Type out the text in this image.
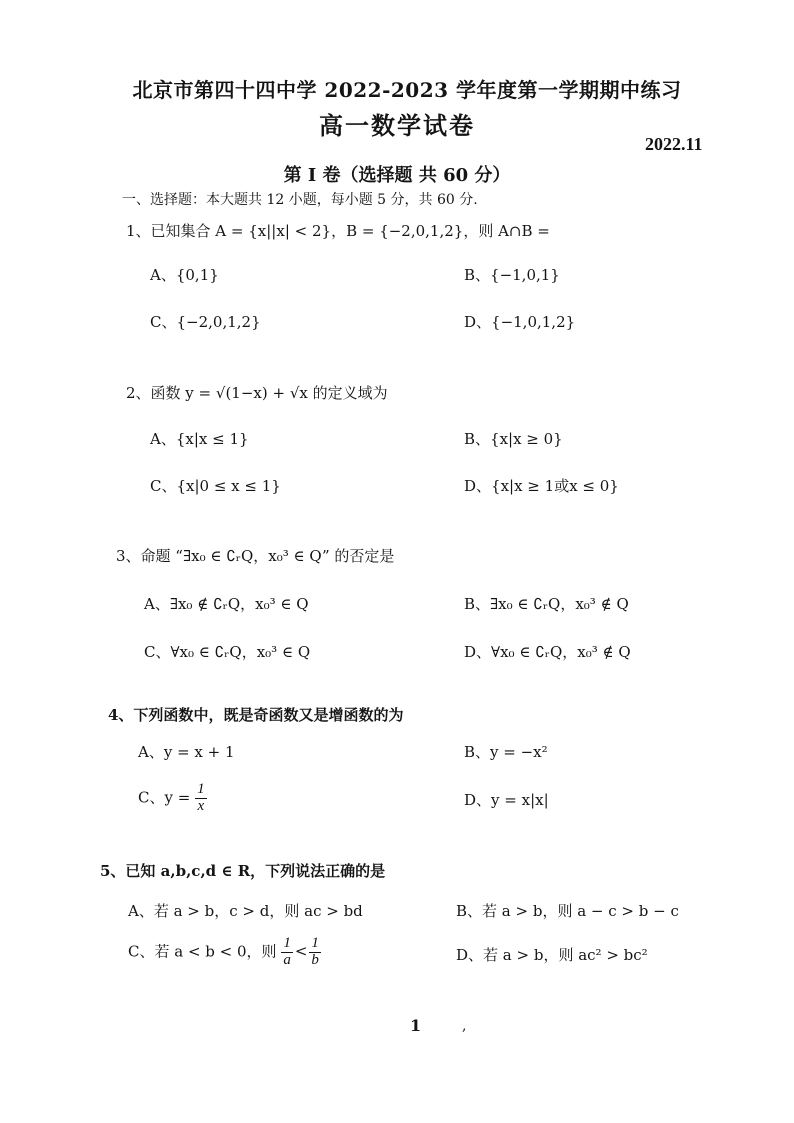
北京市第四十四中学 2022-2023 学年度第一学期期中练习
高一数学试卷
2022.11
第 I 卷（选择题 共 60 分）
一、选择题：本大题共 12 小题，每小题 5 分，共 60 分.
1、已知集合 A = {x||x| < 2}，B = {−2,0,1,2}，则 A∩B =
A、{0,1}	B、{−1,0,1}
C、{−2,0,1,2}	D、{−1,0,1,2}
2、函数 y = √(1−x) + √x 的定义域为
A、{x|x ≤ 1}	B、{x|x ≥ 0}
C、{x|0 ≤ x ≤ 1}	D、{x|x ≥ 1或x ≤ 0}
3、命题 “∃x₀ ∈ ∁ᵣQ，x₀³ ∈ Q” 的否定是
A、∃x₀ ∉ ∁ᵣQ，x₀³ ∈ Q	B、∃x₀ ∈ ∁ᵣQ，x₀³ ∉ Q
C、∀x₀ ∈ ∁ᵣQ，x₀³ ∈ Q	D、∀x₀ ∈ ∁ᵣQ，x₀³ ∉ Q
4、下列函数中，既是奇函数又是增函数的为
A、y = x + 1	B、y = −x²
C、$y = \frac{1}{x}$	D、y = x|x|
5、已知 a,b,c,d ∈ R，下列说法正确的是
A、若 a > b，c > d，则 ac > bd	B、若 a > b，则 a − c > b − c
C、若 a < b < 0，则 $\frac{1}{a} < \frac{1}{b}$	D、若 a > b，则 ac² > bc²
1	,
